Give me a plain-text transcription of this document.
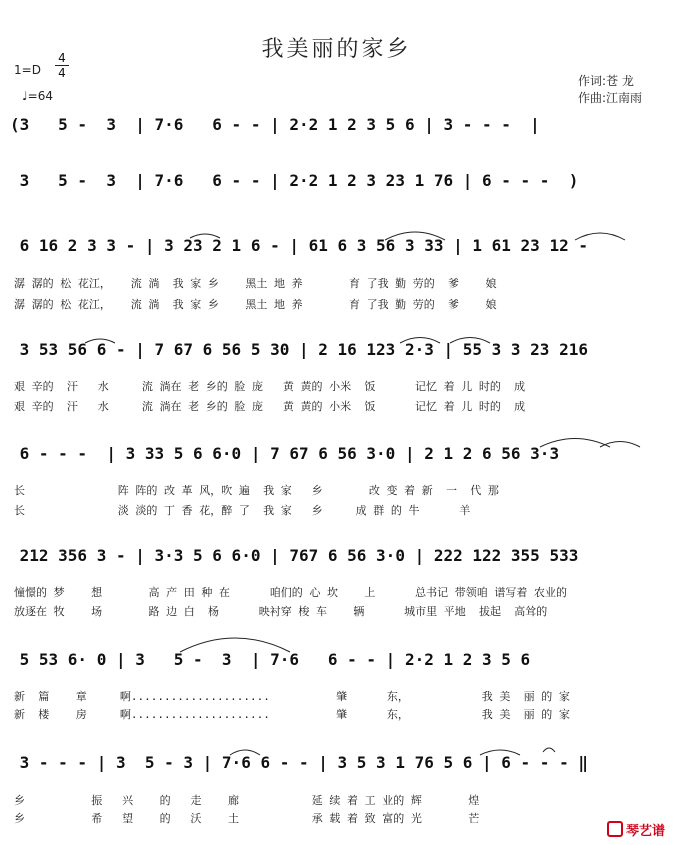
我美丽的家乡
1=D
4
4
♩=64
作词:苍 龙
作曲:江南雨
(3   5 -  3  | 7·6   6 - - | 2·2 1 2 3 5 6 | 3 - - -  |
3   5 -  3  | 7·6   6 - - | 2·2 1 2 3 23 1 76 | 6 - - -  )
6 16 2 3 3 - | 3 23 2 1 6 - | 61 6 3 56 3 33 | 1 61 23 12 -
潺 潺的 松 花江，   流 淌  我 家 乡    黑土 地 养       育 了我 勤 劳的  爹    娘
潺 潺的 松 花江，   流 淌  我 家 乡    黑土 地 养       育 了我 勤 劳的  爹    娘
3 53 56 6 - | 7 67 6 56 5 30 | 2 16 123 2·3 | 55 3 3 23 216
艰 辛的  汗   水     流 淌在 老 乡的 脸 庞   黄 黄的 小米  饭      记忆 着 儿 时的  成
艰 辛的  汗   水     流 淌在 老 乡的 脸 庞   黄 黄的 小米  饭      记忆 着 儿 时的  成
6 - - -  | 3 33 5 6 6·0 | 7 67 6 56 3·0 | 2 1 2 6 56 3·3
长              阵 阵的 改 革 风，吹 遍  我 家   乡       改 变 着 新  一  代 那
长              淡 淡的 丁 香 花，醉 了  我 家   乡     成 群 的 牛      羊
212 356 3 - | 3·3 5 6 6·0 | 767 6 56 3·0 | 222 122 355 533
憧憬的 梦    想       高 产 田 种 在      咱们的 心 坎    上      总书记 带领咱 谱写着 农业的
放逐在 牧    场       路 边 白  杨      映衬穿 梭 车    辆      城市里 平地  拔起  高耸的
5 53 6· 0 | 3   5 -  3  | 7·6   6 - - | 2·2 1 2 3 5 6
新  篇    章     啊.....................          肇      东，           我 美  丽 的 家
新  楼    房     啊.....................          肇      东，           我 美  丽 的 家
3 - - - | 3  5 - 3 | 7·6 6 - - | 3 5 3 1 76 5 6 | 6 - - - ‖
乡          振   兴    的   走    廊           延 续 着 工 业的 辉       煌
乡          希   望    的   沃    土           承 载 着 致 富的 光       芒
琴艺谱
